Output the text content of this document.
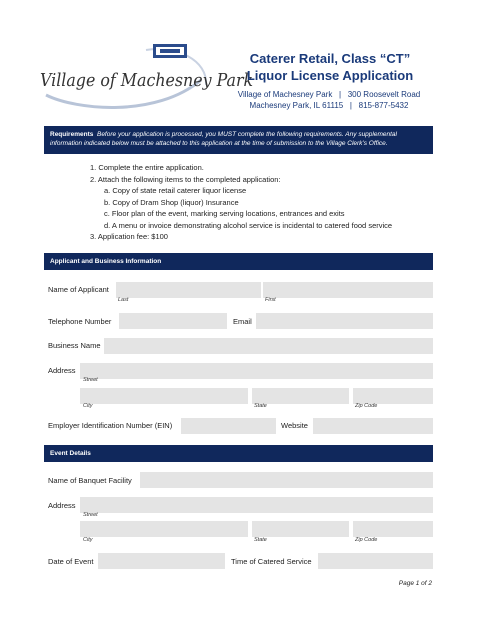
Village of Machesney Park
Caterer Retail, Class “CT”
Liquor License Application
Village of Machesney Park   |   300 Roosevelt Road
Machesney Park, IL 61115   |   815-877-5432
Requirements Before your application is processed, you MUST complete the following requirements. Any supplemental information indicated below must be attached to this application at the time of submission to the Village Clerk’s Office.
1. Complete the entire application.
2. Attach the following items to the completed application:
a. Copy of state retail caterer liquor license
b. Copy of Dram Shop (liquor) Insurance
c. Floor plan of the event, marking serving locations, entrances and exits
d. A menu or invoice demonstrating alcohol service is incidental to catered food service
3. Application fee: $100
Applicant and Business Information
Name of Applicant
Last	First
Telephone Number	Email
Business Name
Address
Street
City	State	Zip Code
Employer Identification Number (EIN)	Website
Event Details
Name of Banquet Facility
Address
Street
City	State	Zip Code
Date of Event	Time of Catered Service
Page 1 of 2
